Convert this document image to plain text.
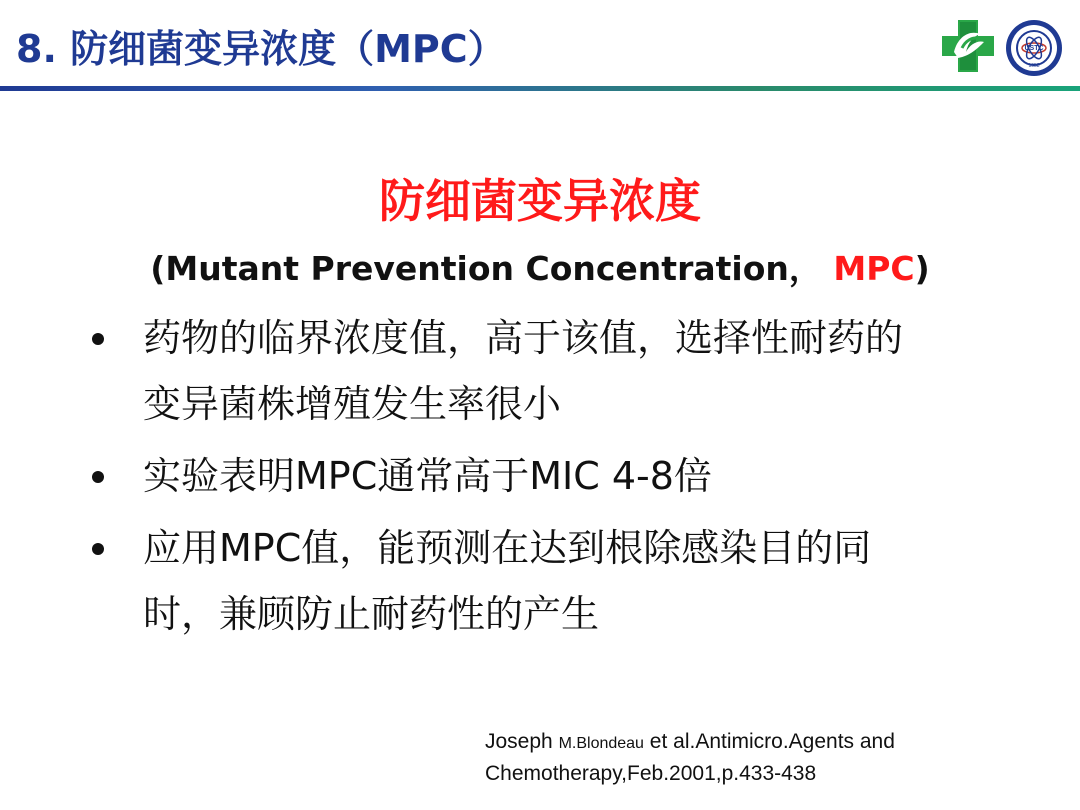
8. 防细菌变异浓度（MPC）	USTC
1958
防细菌变异浓度
(Mutant Prevention Concentration， MPC)
药物的临界浓度值，高于该值，选择性耐药的
变异菌株增殖发生率很小
实验表明MPC通常高于MIC 4-8倍
应用MPC值，能预测在达到根除感染目的同
时，兼顾防止耐药性的产生
Joseph M.Blondeau et al.Antimicro.Agents and
Chemotherapy,Feb.2001,p.433-438
